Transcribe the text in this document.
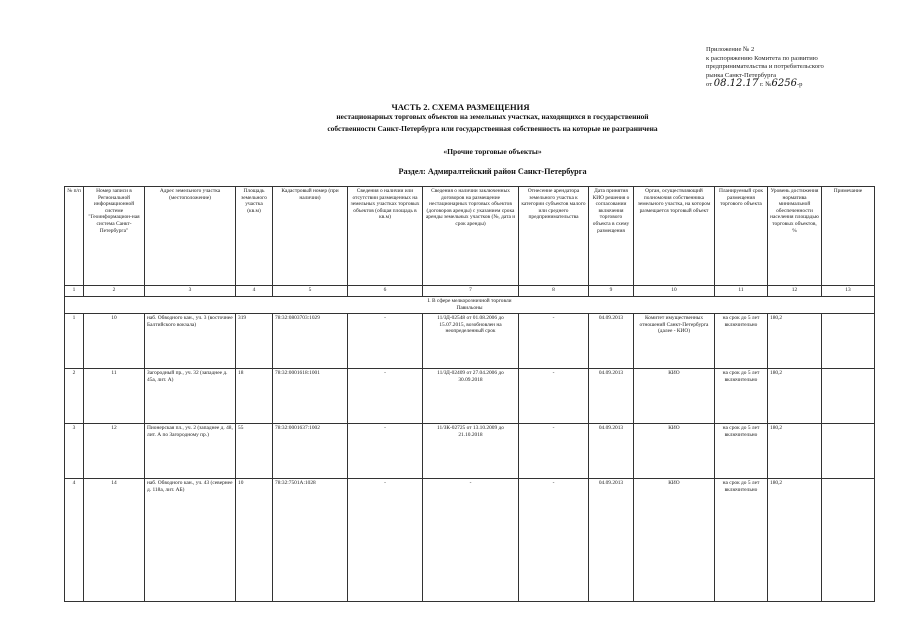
Приложение № 2
к распоряжению Комитета по развитию
предпринимательства и потребительского
рынка Санкт-Петербурга
от 08.12.17 г. №6256-р
ЧАСТЬ 2. СХЕМА РАЗМЕЩЕНИЯ
нестационарных торговых объектов на земельных участках, находящихся в государственной
собственности Санкт-Петербурга или государственная собственность на которые не разграничена
«Прочие торговые объекты»
Раздел: Адмиралтейский район Санкт-Петербурга
№ п/п	Номер записи в Региональной информационной системе "Геоинформацион-ная система Санкт-Петербурга"	Адрес земельного участка (местоположение)	Площадь земельного участка (кв.м)	Кадастровый номер (при наличии)	Сведения о наличии или отсутствии размещенных на земельных участках торговых объектов (общая площадь в кв.м)	Сведения о наличии заключенных договоров на размещение нестационарных торговых объектов (договоров аренды) с указанием срока аренды земельных участков (№, дата и срок аренды)	Отнесение арендатора земельного участка к категории субъектов малого или среднего предпринимательства	Дата принятия КИО решения о согласовании включения торгового объекта в схему размещения	Орган, осуществляющий полномочия собственника земельного участка, на котором размещается торговый объект	Планируемый срок размещения торгового объекта	Уровень достижения норматива минимальной обеспеченности населения площадью торговых объектов, %	Примечание
1	2	3	4	5	6	7	8	9	10	11	12	13

I. В сфере мелкорозничной торговли
Павильоны												

1	10	наб. Обводного кан., уч. 3 (восточнее Балтийского вокзала)	319	78:32:0803703:1029	-	11/ЗД-02548 от 01.08.2006 до 15.07.2015, возобновлен на неопределенный срок	-	04.09.2013	Комитет имущественных отношений Санкт-Петербурга (далее - КИО)	на срок до 5 лет включительно	180,2	
2	11	Загородный пр., уч. 32 (западнее д. 45а, лит. А)	18	78:32:0001618:1001	-	11/ЗД-02409 от 27.04.2006 до 30.09.2018	-	04.09.2013	КИО	на срок до 5 лет включительно	180,2	
3	12	Пионерская пл., уч. 2 (западнее д. 48, лит. А по Загородному пр.)	55	78:32:0001637:1002	-	11/ЗК-02725 от 13.10.2009 до 21.10.2018	-	04.09.2013	КИО	на срок до 5 лет включительно	180,2	
4	14	наб. Обводного кан., уч. 43 (севернее д. 118а, лит. АБ)	10	78:32:7501А:1028	-	-	-	04.09.2013	КИО	на срок до 5 лет включительно	180,2	
